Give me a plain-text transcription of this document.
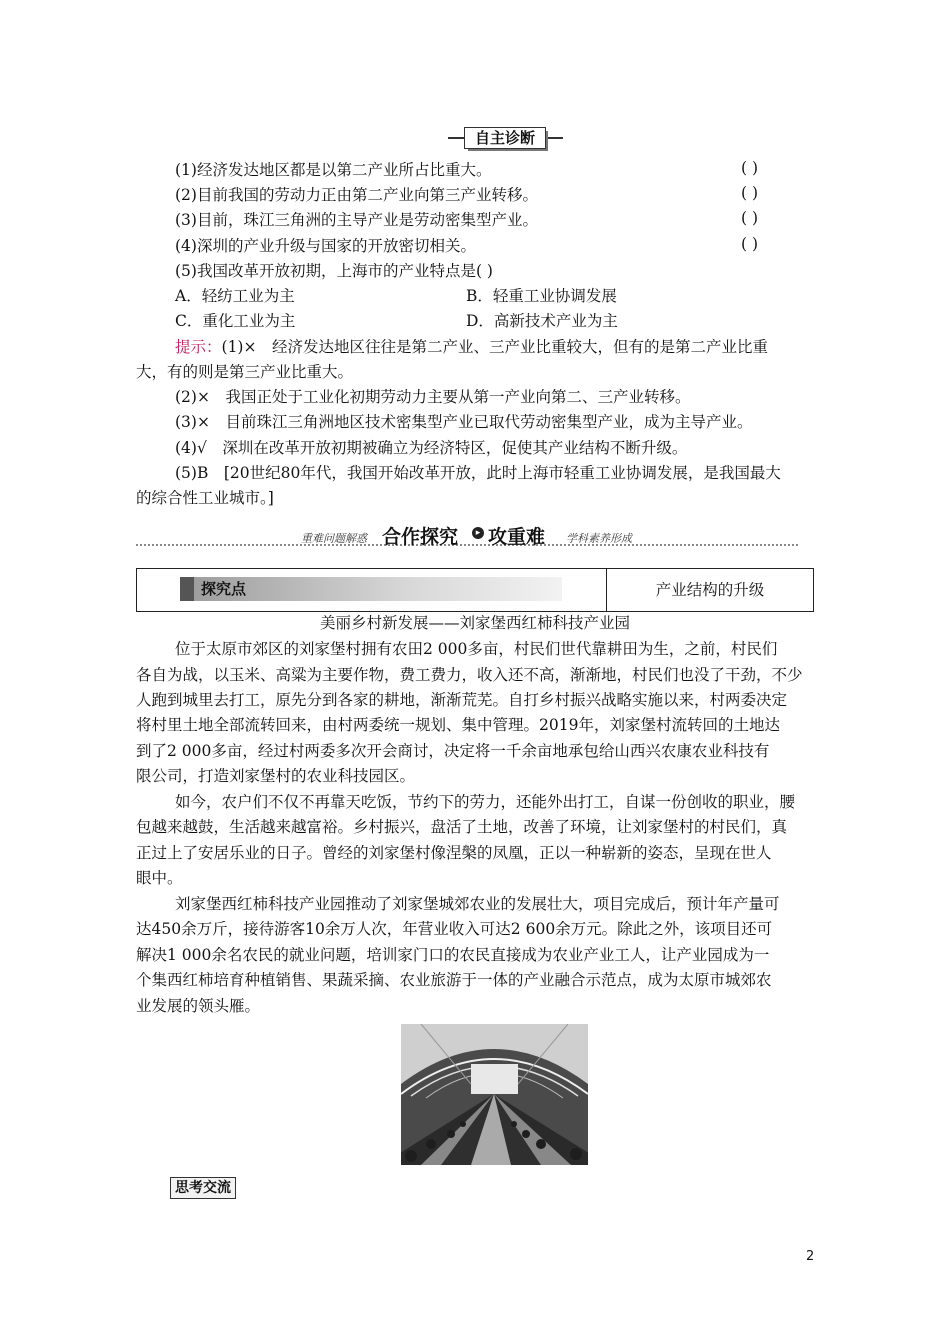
自主诊断
(1)经济发达地区都是以第二产业所占比重大。	( )
(2)目前我国的劳动力正由第二产业向第三产业转移。	( )
(3)目前，珠江三角洲的主导产业是劳动密集型产业。	( )
(4)深圳的产业升级与国家的开放密切相关。	( )
(5)我国改革开放初期，上海市的产业特点是( )
A．轻纺工业为主	B．轻重工业协调发展
C．重化工业为主	D．高新技术产业为主
提示：(1)×　经济发达地区往往是第二产业、三产业比重较大，但有的是第二产业比重
大，有的则是第三产业比重大。
(2)×　我国正处于工业化初期劳动力主要从第一产业向第二、三产业转移。
(3)×　目前珠江三角洲地区技术密集型产业已取代劳动密集型产业，成为主导产业。
(4)√　深圳在改革开放初期被确立为经济特区，促使其产业结构不断升级。
(5)B　[20世纪80年代，我国开始改革开放，此时上海市轻重工业协调发展，是我国最大
的综合性工业城市。]
重难问题解惑 合作探究	▸ 攻重难 学科素养形成
探究点	产业结构的升级
美丽乡村新发展——刘家堡西红柿科技产业园
位于太原市郊区的刘家堡村拥有农田2 000多亩，村民们世代靠耕田为生，之前，村民们
各自为战，以玉米、高粱为主要作物，费工费力，收入还不高，渐渐地，村民们也没了干劲，不少
人跑到城里去打工，原先分到各家的耕地，渐渐荒芜。自打乡村振兴战略实施以来，村两委决定
将村里土地全部流转回来，由村两委统一规划、集中管理。2019年，刘家堡村流转回的土地达
到了2 000多亩，经过村两委多次开会商讨，决定将一千余亩地承包给山西兴农康农业科技有
限公司，打造刘家堡村的农业科技园区。
如今，农户们不仅不再靠天吃饭，节约下的劳力，还能外出打工，自谋一份创收的职业，腰
包越来越鼓，生活越来越富裕。乡村振兴，盘活了土地，改善了环境，让刘家堡村的村民们，真
正过上了安居乐业的日子。曾经的刘家堡村像涅槃的凤凰，正以一种崭新的姿态，呈现在世人
眼中。
刘家堡西红柿科技产业园推动了刘家堡城郊农业的发展壮大，项目完成后，预计年产量可
达450余万斤，接待游客10余万人次，年营业收入可达2 600余万元。除此之外，该项目还可
解决1 000余名农民的就业问题，培训家门口的农民直接成为农业产业工人，让产业园成为一
个集西红柿培育种植销售、果蔬采摘、农业旅游于一体的产业融合示范点，成为太原市城郊农
业发展的领头雁。
思考交流
2
